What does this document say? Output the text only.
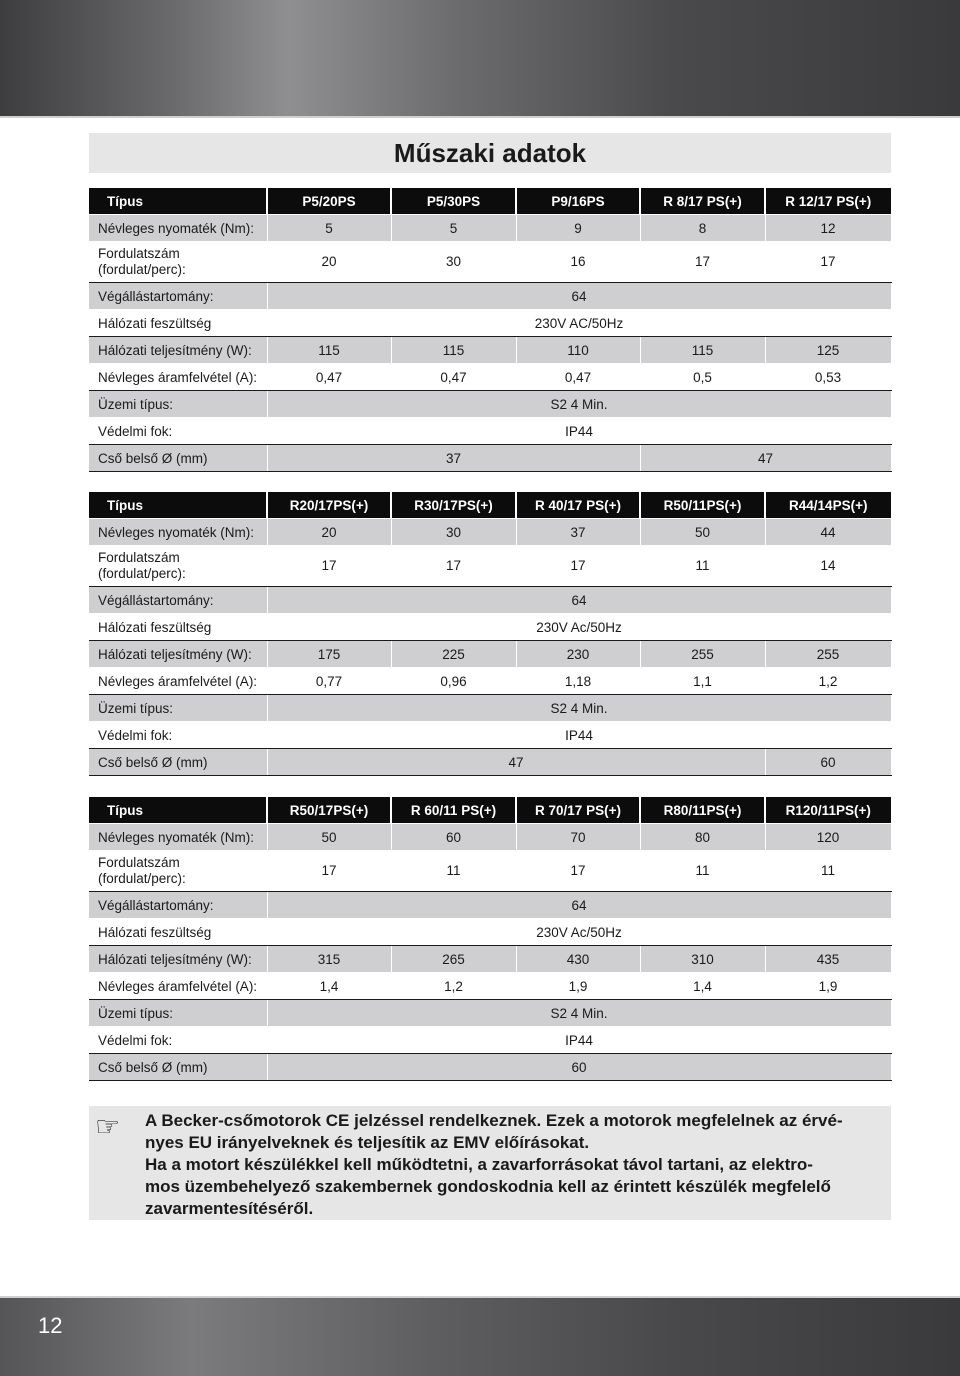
Műszaki adatok
Típus	P5/20PS	P5/30PS	P9/16PS	R 8/17 PS(+)	R 12/17 PS(+)
Névleges nyomaték (Nm):	5	5	9	8	12
Fordulatszám
(fordulat/perc):	20	30	16	17	17
Végállástartomány:	64				
Hálózati feszültség	230V AC/50Hz				
Hálózati teljesítmény (W):	115	115	110	115	125
Névleges áramfelvétel (A):	0,47	0,47	0,47	0,5	0,53
Üzemi típus:	S2 4 Min.				
Védelmi fok:	IP44				
Cső belső Ø (mm)	37			47	
Típus	R20/17PS(+)	R30/17PS(+)	R 40/17 PS(+)	R50/11PS(+)	R44/14PS(+)
Névleges nyomaték (Nm):	20	30	37	50	44
Fordulatszám
(fordulat/perc):	17	17	17	11	14
Végállástartomány:	64				
Hálózati feszültség	230V Ac/50Hz				
Hálózati teljesítmény (W):	175	225	230	255	255
Névleges áramfelvétel (A):	0,77	0,96	1,18	1,1	1,2
Üzemi típus:	S2 4 Min.				
Védelmi fok:	IP44				
Cső belső Ø (mm)	47				60
Típus	R50/17PS(+)	R 60/11 PS(+)	R 70/17 PS(+)	R80/11PS(+)	R120/11PS(+)
Névleges nyomaték (Nm):	50	60	70	80	120
Fordulatszám
(fordulat/perc):	17	11	17	11	11
Végállástartomány:	64				
Hálózati feszültség	230V Ac/50Hz				
Hálózati teljesítmény (W):	315	265	430	310	435
Névleges áramfelvétel (A):	1,4	1,2	1,9	1,4	1,9
Üzemi típus:	S2 4 Min.				
Védelmi fok:	IP44				
Cső belső Ø (mm)	60				
☞	A Becker-csőmotorok CE jelzéssel rendelkeznek. Ezek a motorok megfelelnek az érvé-
nyes EU irányelveknek és teljesítik az EMV előírásokat.
Ha a motort készülékkel kell működtetni, a zavarforrásokat távol tartani, az elektro-
mos üzembehelyező szakembernek gondoskodnia kell az érintett készülék megfelelő
zavarmentesítéséről.
12
